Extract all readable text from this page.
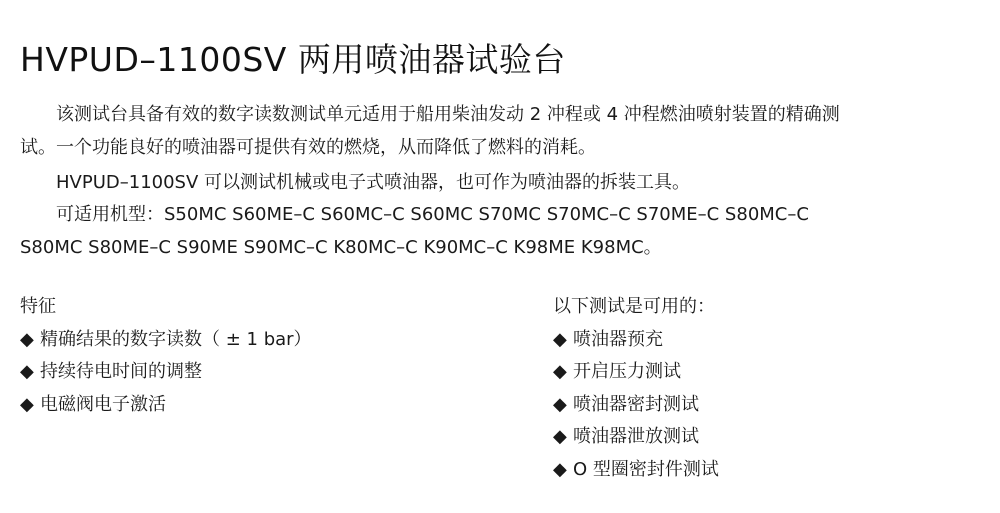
HVPUD–1100SV 两用喷油器试验台
该测试台具备有效的数字读数测试单元适用于船用柴油发动 2 冲程或 4 冲程燃油喷射装置的精确测
试。一个功能良好的喷油器可提供有效的燃烧，从而降低了燃料的消耗。
HVPUD–1100SV 可以测试机械或电子式喷油器，也可作为喷油器的拆装工具。
可适用机型：S50MC S60ME–C S60MC–C S60MC S70MC S70MC–C S70ME–C S80MC–C
S80MC S80ME–C S90ME S90MC–C K80MC–C K90MC–C K98ME K98MC。
特征
◆ 精确结果的数字读数（ ± 1 bar）
◆ 持续待电时间的调整
◆ 电磁阀电子激活
以下测试是可用的：
◆ 喷油器预充
◆ 开启压力测试
◆ 喷油器密封测试
◆ 喷油器泄放测试
◆ O 型圈密封件测试
